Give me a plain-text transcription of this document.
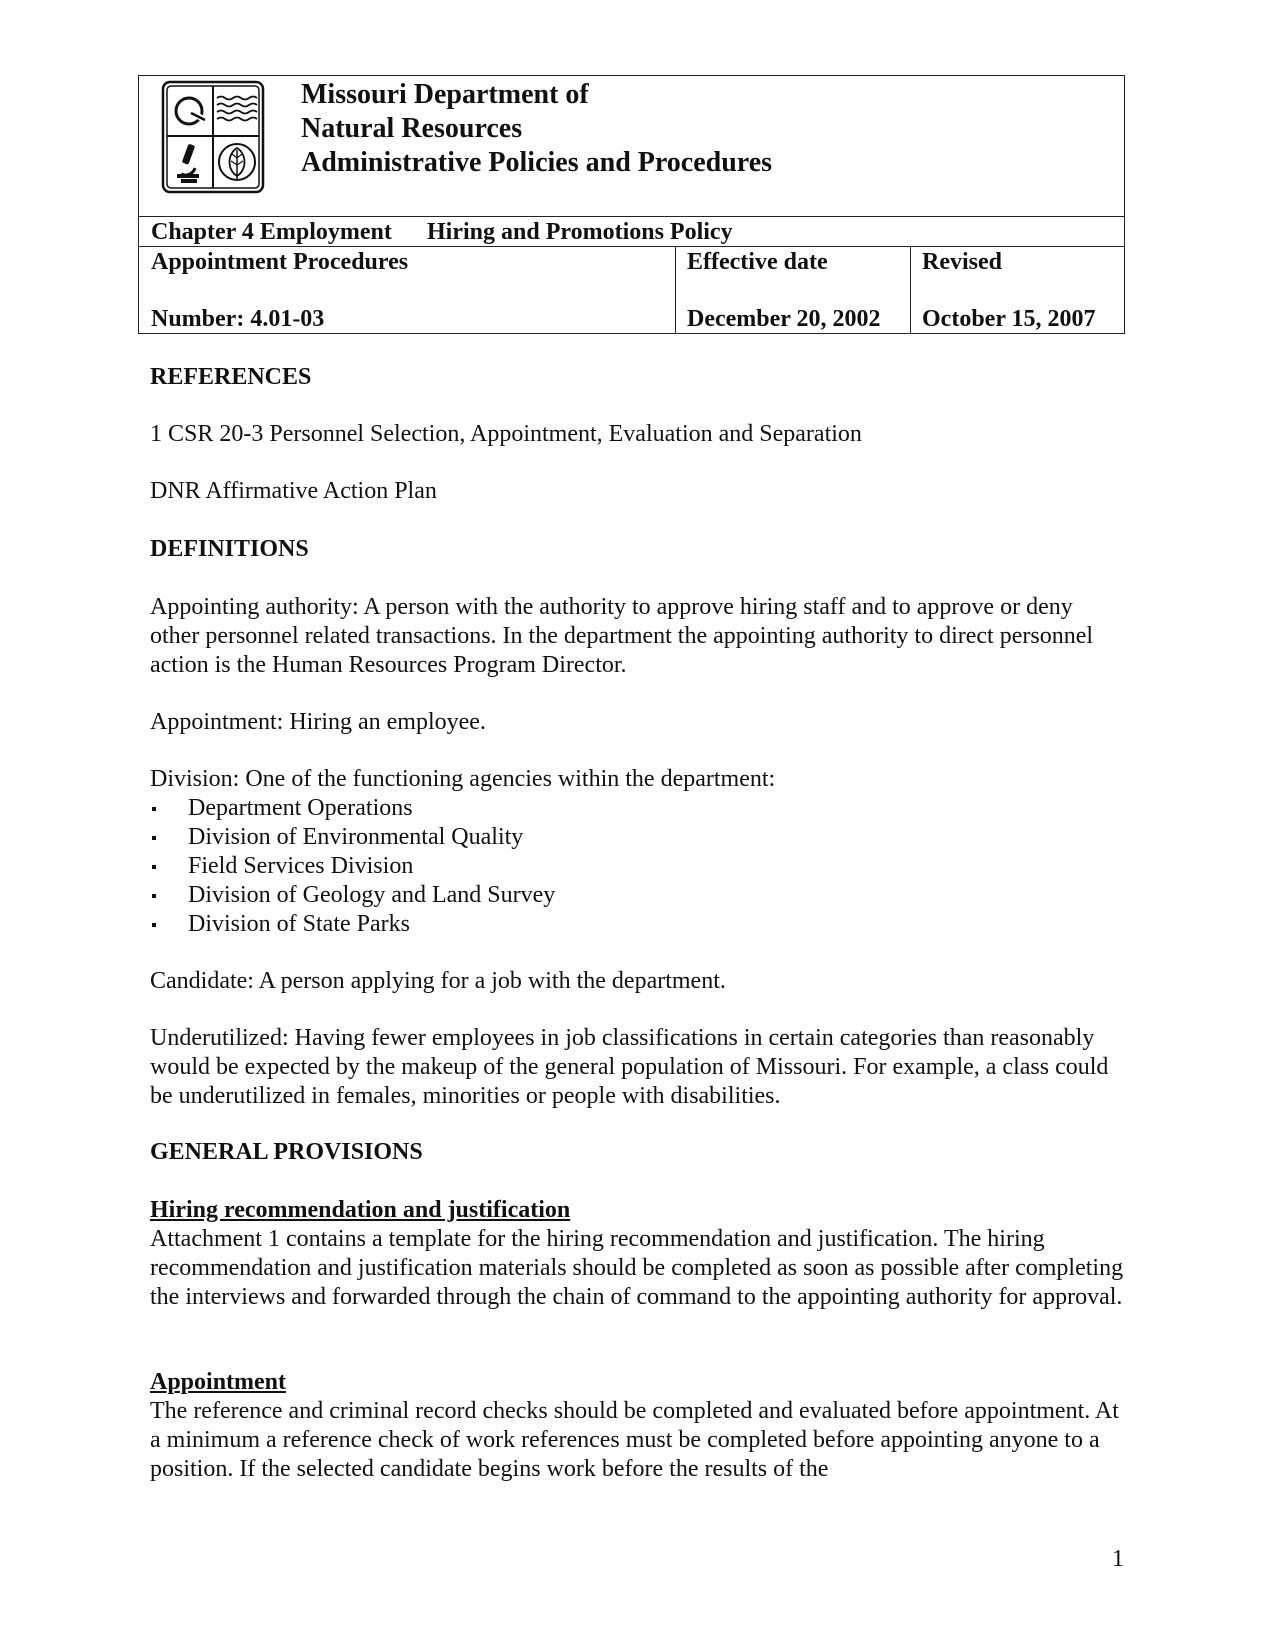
Missouri Department of
Natural Resources
Administrative Policies and Procedures
Chapter 4 Employment Hiring and Promotions Policy
Appointment Procedures
Number: 4.01-03
Effective date
December 20, 2002
Revised
October 15, 2007
REFERENCES
1 CSR 20-3 Personnel Selection, Appointment, Evaluation and Separation
DNR Affirmative Action Plan
DEFINITIONS

Appointing authority: A person with the authority to approve hiring staff and to approve or deny other personnel related transactions. In the department the appointing authority to direct personnel action is the Human Resources Program Director.

Appointment: Hiring an employee.

Division: One of the functioning agencies within the department:
Department Operations
Division of Environmental Quality
Field Services Division
Division of Geology and Land Survey
Division of State Parks

Candidate: A person applying for a job with the department.

Underutilized: Having fewer employees in job classifications in certain categories than reasonably would be expected by the makeup of the general population of Missouri. For example, a class could be underutilized in females, minorities or people with disabilities.

GENERAL PROVISIONS
Hiring recommendation and justification

Attachment 1 contains a template for the hiring recommendation and justification. The hiring recommendation and justification materials should be completed as soon as possible after completing the interviews and forwarded through the chain of command to the appointing authority for approval.

Appointment

The reference and criminal record checks should be completed and evaluated before appointment. At a minimum a reference check of work references must be completed before appointing anyone to a position. If the selected candidate begins work before the results of the

1
